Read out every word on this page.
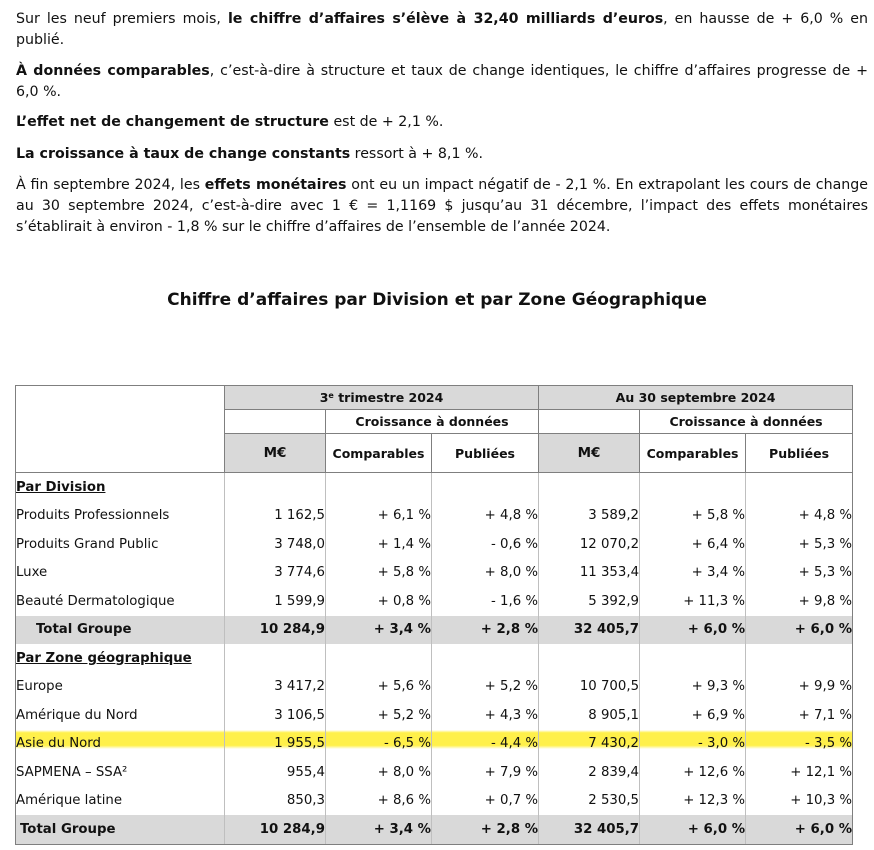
Sur les neuf premiers mois, le chiffre d’affaires s’élève à 32,40 milliards d’euros, en hausse de + 6,0 % en publié.
À données comparables, c’est-à-dire à structure et taux de change identiques, le chiffre d’affaires progresse de + 6,0 %.
L’effet net de changement de structure est de + 2,1 %.
La croissance à taux de change constants ressort à + 8,1 %.
À fin septembre 2024, les effets monétaires ont eu un impact négatif de - 2,1 %. En extrapolant les cours de change au 30 septembre 2024, c’est-à-dire avec 1 € = 1,1169 $ jusqu’au 31 décembre, l’impact des effets monétaires s’établirait à environ - 1,8 % sur le chiffre d’affaires de l’ensemble de l’année 2024.
Chiffre d’affaires par Division et par Zone Géographique
	3e trimestre 2024			Au 30 septembre 2024		
		Croissance à données			Croissance à données	
	M€	Comparables	Publiées	M€	Comparables	Publiées
Par Division						
Produits Professionnels	1 162,5	+ 6,1 %	+ 4,8 %	3 589,2	+ 5,8 %	+ 4,8 %
Produits Grand Public	3 748,0	+ 1,4 %	- 0,6 %	12 070,2	+ 6,4 %	+ 5,3 %
Luxe	3 774,6	+ 5,8 %	+ 8,0 %	11 353,4	+ 3,4 %	+ 5,3 %
Beauté Dermatologique	1 599,9	+ 0,8 %	- 1,6 %	5 392,9	+ 11,3 %	+ 9,8 %
Total Groupe	10 284,9	+ 3,4 %	+ 2,8 %	32 405,7	+ 6,0 %	+ 6,0 %
Par Zone géographique						
Europe	3 417,2	+ 5,6 %	+ 5,2 %	10 700,5	+ 9,3 %	+ 9,9 %
Amérique du Nord	3 106,5	+ 5,2 %	+ 4,3 %	8 905,1	+ 6,9 %	+ 7,1 %
Asie du Nord	1 955,5	- 6,5 %	- 4,4 %	7 430,2	- 3,0 %	- 3,5 %
SAPMENA – SSA²	955,4	+ 8,0 %	+ 7,9 %	2 839,4	+ 12,6 %	+ 12,1 %
Amérique latine	850,3	+ 8,6 %	+ 0,7 %	2 530,5	+ 12,3 %	+ 10,3 %
Total Groupe	10 284,9	+ 3,4 %	+ 2,8 %	32 405,7	+ 6,0 %	+ 6,0 %
